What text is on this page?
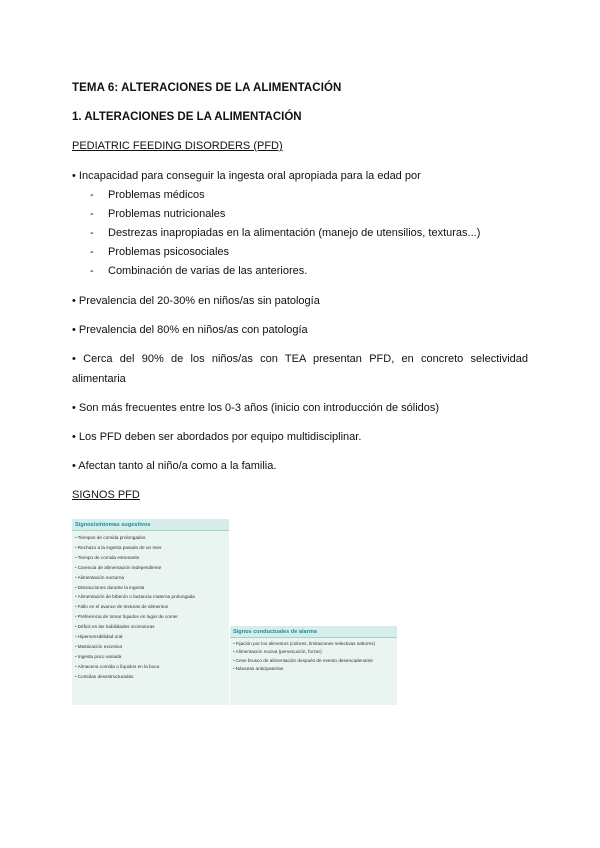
TEMA 6: ALTERACIONES DE LA ALIMENTACIÓN
1. ALTERACIONES DE LA ALIMENTACIÓN
PEDIATRIC FEEDING DISORDERS (PFD)
• Incapacidad para conseguir la ingesta oral apropiada para la edad por
- Problemas médicos
- Problemas nutricionales
- Destrezas inapropiadas en la alimentación (manejo de utensilios, texturas...)
- Problemas psicosociales
- Combinación de varias de las anteriores.
• Prevalencia del 20-30% en niños/as sin patología
• Prevalencia del 80% en niños/as con patología
• Cerca del 90% de los niños/as con TEA presentan PFD, en concreto selectividad alimentaria
• Son más frecuentes entre los 0-3 años (inicio con introducción de sólidos)
• Los PFD deben ser abordados por equipo multidisciplinar.
• Afectan tanto al niño/a como a la familia.
SIGNOS PFD
Signos/síntomas sugestivos
•Tiempos de comida prolongados
•Rechazo a la ingesta pasado de un mes
•Tiempo de comida estresante
•Carencia de alimentación independiente
•Alimentación nocturna
•Distracciones durante la ingesta
•Alimentación de biberón o lactancia materna prolongada
•Fallo en el avance de texturas de alimentos
•Preferencia de tomar líquidos en lugar de comer
•Déficit en las habilidades oromotoras
•Hipersensibilidad oral
•Masticación excesiva
•Ingesta poco variada
•Almacena comida o líquidos en la boca
•Comidas desestructuradas
Signos conductuales de alarma
•Fijación por los alimentos (colores, limitaciones selectivas sabores)
•Alimentación nociva (persecución, forzar)
•Cese brusco de alimentación después de evento desencadenante
•Náuseas anticipatorias
